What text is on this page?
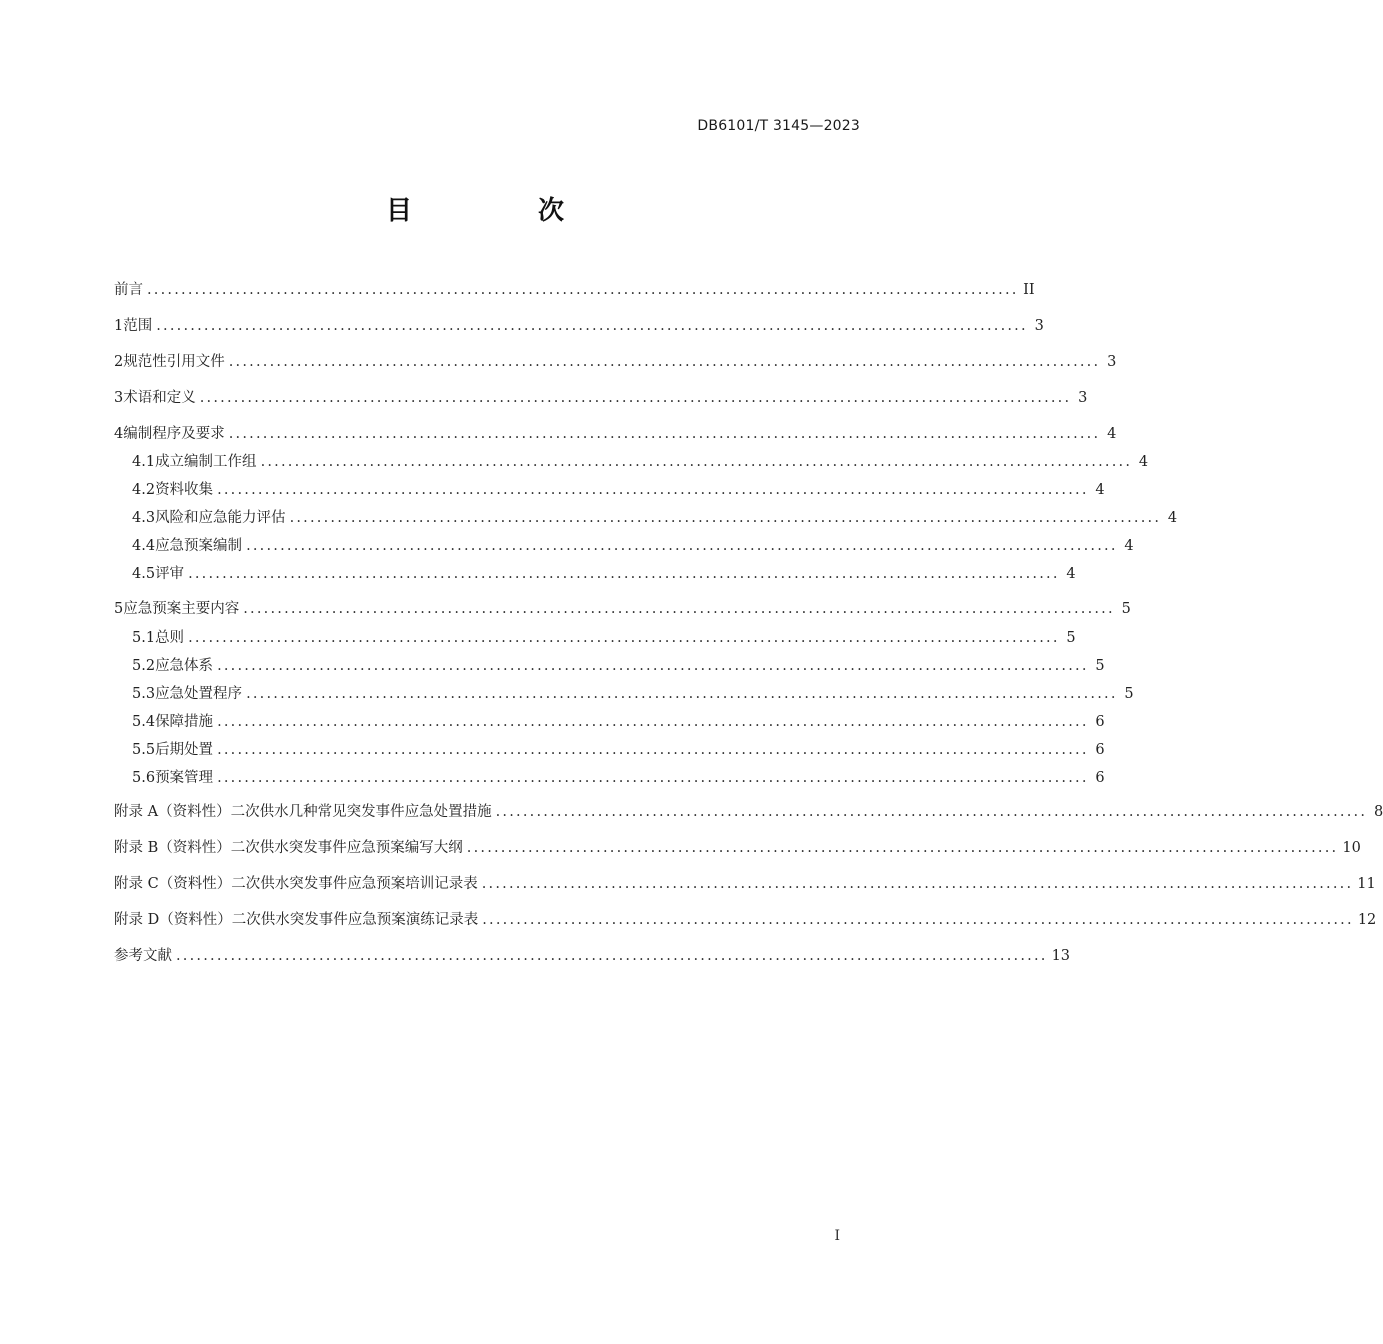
DB6101/T 3145—2023
目　次
前言 ................................................................................................................................ II
1 范围 ................................................................................................................................ 3
2 规范性引用文件 ................................................................................................................................ 3
3 术语和定义 ................................................................................................................................ 3
4 编制程序及要求 ................................................................................................................................ 4
4.1 成立编制工作组 ................................................................................................................................ 4
4.2 资料收集 ................................................................................................................................ 4
4.3 风险和应急能力评估 ................................................................................................................................ 4
4.4 应急预案编制 ................................................................................................................................ 4
4.5 评审 ................................................................................................................................ 4
5 应急预案主要内容 ................................................................................................................................ 5
5.1 总则 ................................................................................................................................ 5
5.2 应急体系 ................................................................................................................................ 5
5.3 应急处置程序 ................................................................................................................................ 5
5.4 保障措施 ................................................................................................................................ 6
5.5 后期处置 ................................................................................................................................ 6
5.6 预案管理 ................................................................................................................................ 6
附录 A（资料性） 二次供水几种常见突发事件应急处置措施 ................................................................................................................................ 8
附录 B（资料性） 二次供水突发事件应急预案编写大纲 ................................................................................................................................ 10
附录 C（资料性） 二次供水突发事件应急预案培训记录表 ................................................................................................................................ 11
附录 D（资料性） 二次供水突发事件应急预案演练记录表 ................................................................................................................................ 12
参考文献 ................................................................................................................................ 13
I
